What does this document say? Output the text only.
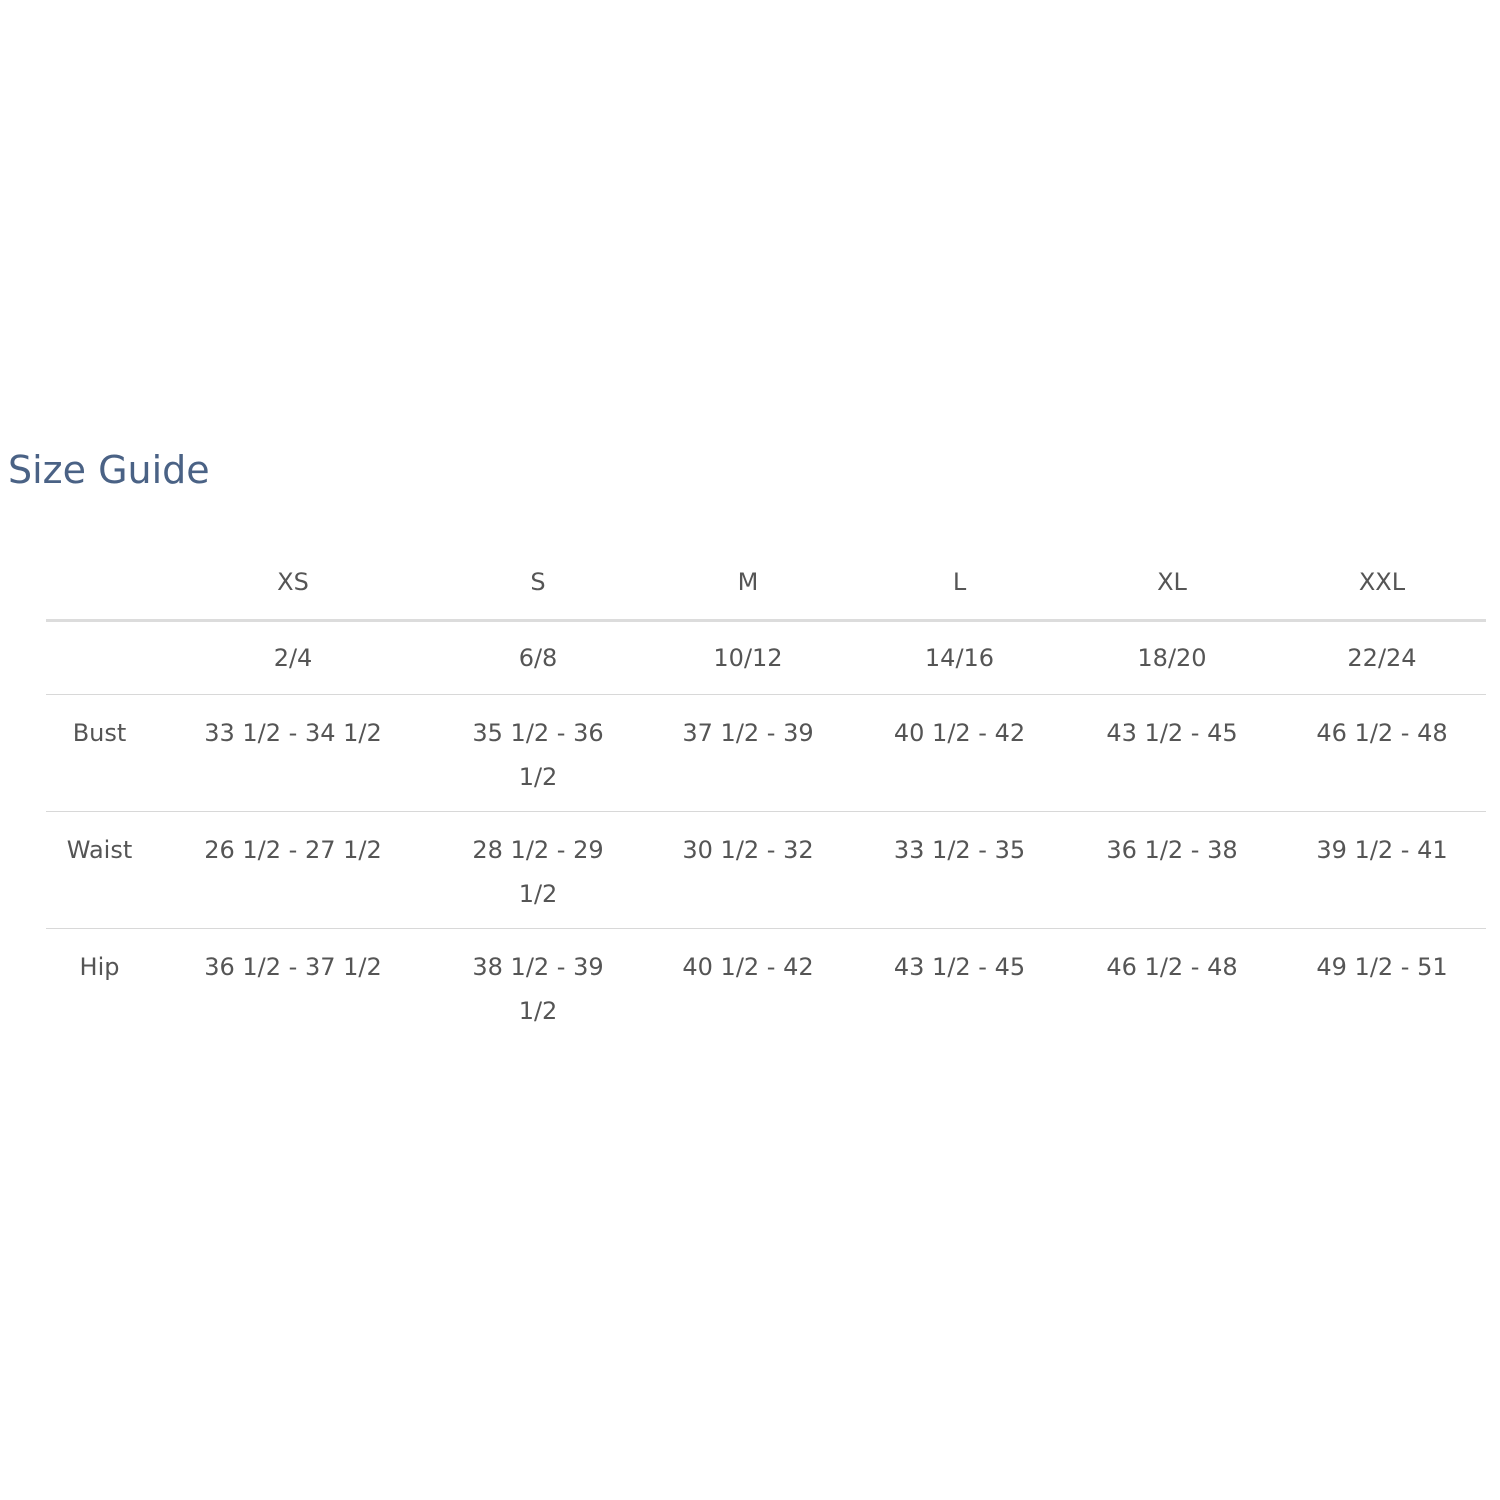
Size Guide
	XS	S	M	L	XL	XXL
	2/4	6/8	10/12	14/16	18/20	22/24
Bust	33 1/2 - 34 1/2	35 1/2 - 36 1/2	37 1/2 - 39	40 1/2 - 42	43 1/2 - 45	46 1/2 - 48
Waist	26 1/2 - 27 1/2	28 1/2 - 29 1/2	30 1/2 - 32	33 1/2 - 35	36 1/2 - 38	39 1/2 - 41
Hip	36 1/2 - 37 1/2	38 1/2 - 39 1/2	40 1/2 - 42	43 1/2 - 45	46 1/2 - 48	49 1/2 - 51
